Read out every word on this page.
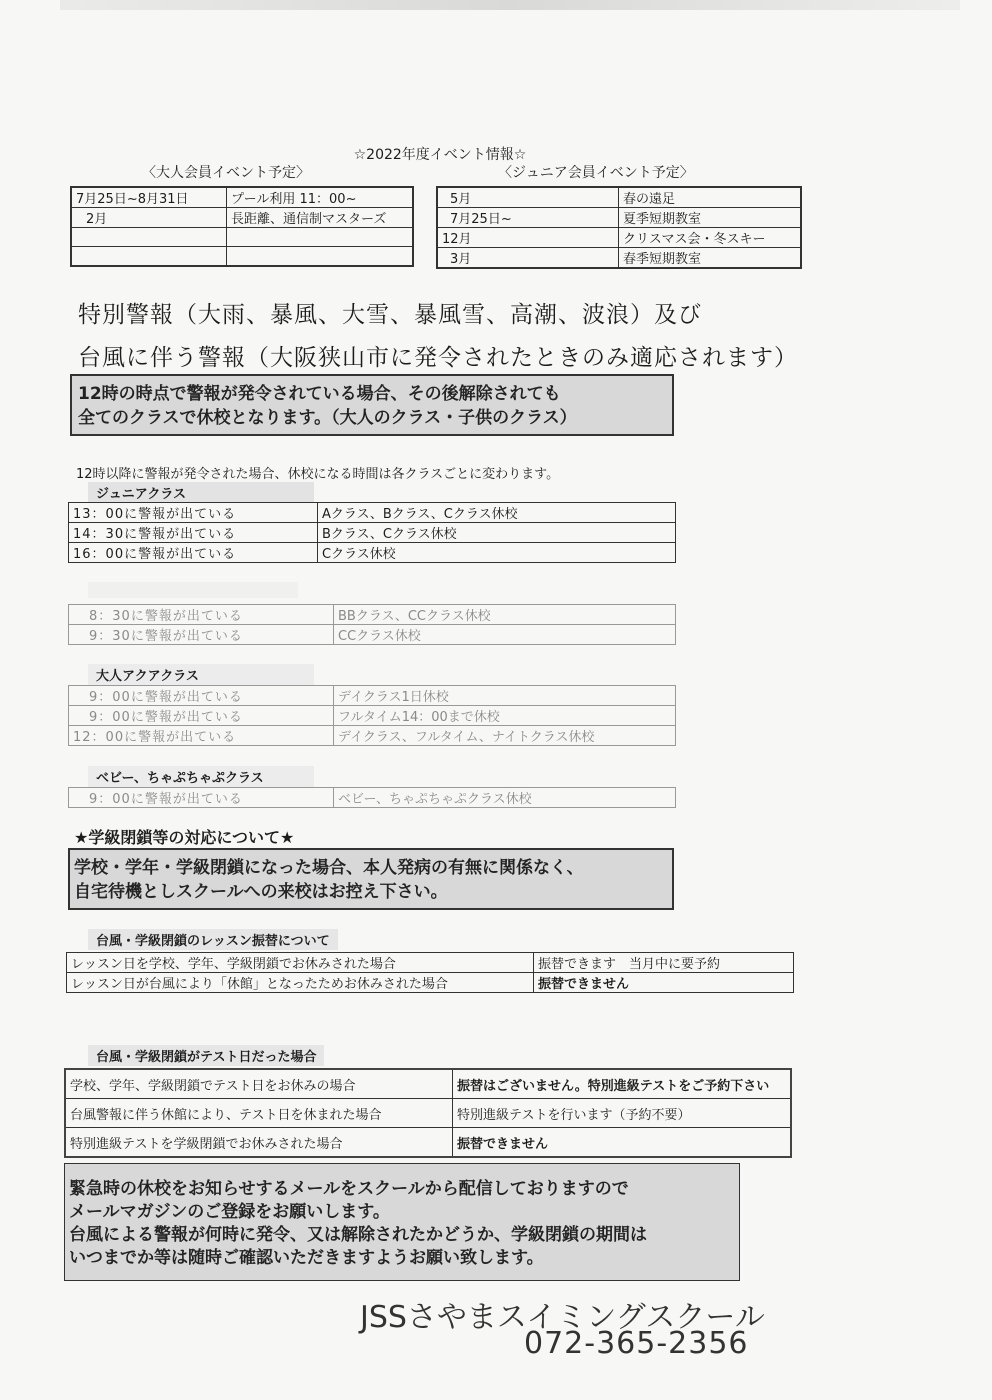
☆2022年度イベント情報☆
〈大人会員イベント予定〉	〈ジュニア会員イベント予定〉
7月25日~8月31日	プール利用 11：00~
2月	長距離、通信制マスターズ

5月	春の遠足
7月25日~	夏季短期教室
12月	クリスマス会・冬スキー
3月	春季短期教室
特別警報（大雨、暴風、大雪、暴風雪、高潮、波浪）及び
台風に伴う警報（大阪狭山市に発令されたときのみ適応されます）
12時の時点で警報が発令されている場合、その後解除されても
全てのクラスで休校となります。（大人のクラス・子供のクラス）
12時以降に警報が発令された場合、休校になる時間は各クラスごとに変わります。
ジュニアクラス
13：00に警報が出ている	Aクラス、Bクラス、Cクラス休校
14：30に警報が出ている	Bクラス、Cクラス休校
16：00に警報が出ている	Cクラス休校
8：30に警報が出ている	BBクラス、CCクラス休校
9：30に警報が出ている	CCクラス休校
大人アクアクラス
9：00に警報が出ている	デイクラス1日休校
9：00に警報が出ている	フルタイム14：00まで休校
12：00に警報が出ている	デイクラス、フルタイム、ナイトクラス休校
ベビー、ちゃぷちゃぷクラス
9：00に警報が出ている	ベビー、ちゃぷちゃぷクラス休校
★学級閉鎖等の対応について★
学校・学年・学級閉鎖になった場合、本人発病の有無に関係なく、
自宅待機としスクールへの来校はお控え下さい。
台風・学級閉鎖のレッスン振替について
レッスン日を学校、学年、学級閉鎖でお休みされた場合	振替できます　当月中に要予約
レッスン日が台風により「休館」となったためお休みされた場合	振替できません
台風・学級閉鎖がテスト日だった場合
学校、学年、学級閉鎖でテスト日をお休みの場合	振替はございません。特別進級テストをご予約下さい
台風警報に伴う休館により、テスト日を休まれた場合	特別進級テストを行います（予約不要）
特別進級テストを学級閉鎖でお休みされた場合	振替できません
緊急時の休校をお知らせするメールをスクールから配信しておりますので
メールマガジンのご登録をお願いします。
台風による警報が何時に発令、又は解除されたかどうか、学級閉鎖の期間は
いつまでか等は随時ご確認いただきますようお願い致します。
JSSさやまスイミングスクール
072-365-2356
